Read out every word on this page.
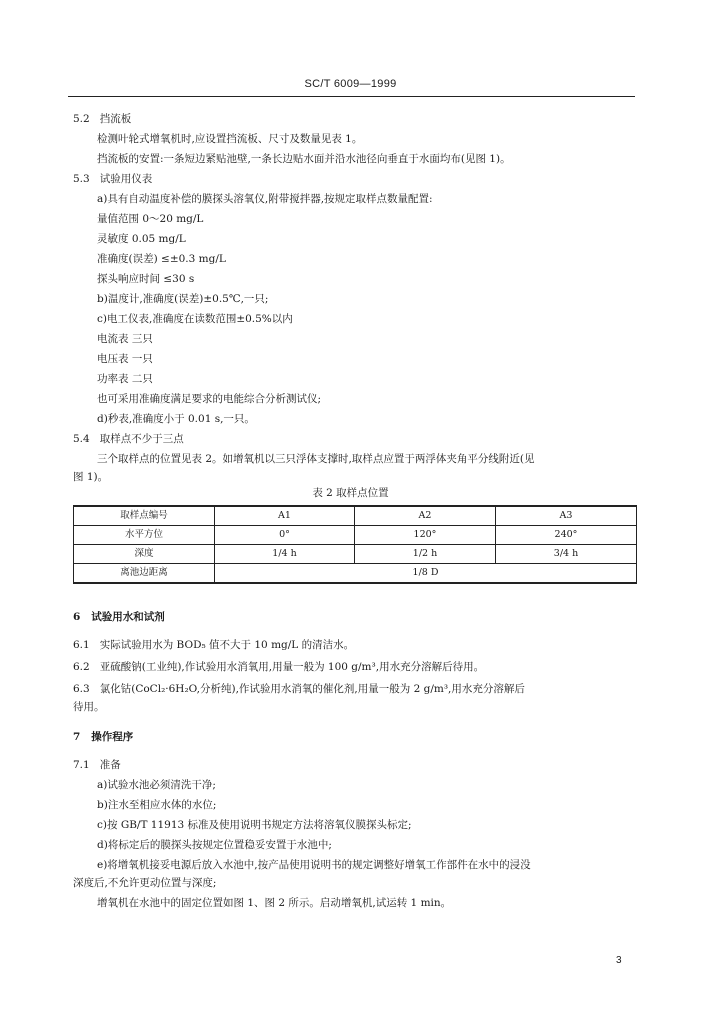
SC/T 6009—1999
5.2 挡流板
检测叶轮式增氧机时,应设置挡流板、尺寸及数量见表 1。
挡流板的安置:一条短边紧贴池壁,一条长边贴水面并沿水池径向垂直于水面均布(见图 1)。
5.3 试验用仪表
a)具有自动温度补偿的膜探头溶氧仪,附带搅拌器,按规定取样点数量配置:
量值范围 0～20 mg/L
灵敏度 0.05 mg/L
准确度(误差) ≤±0.3 mg/L
探头响应时间 ≤30 s
b)温度计,准确度(误差)±0.5℃,一只;
c)电工仪表,准确度在读数范围±0.5%以内
电流表 三只
电压表 一只
功率表 二只
也可采用准确度满足要求的电能综合分析测试仪;
d)秒表,准确度小于 0.01 s,一只。
5.4 取样点不少于三点
三个取样点的位置见表 2。如增氧机以三只浮体支撑时,取样点应置于两浮体夹角平分线附近(见
图 1)。
表 2 取样点位置
取样点编号	A1	A2	A3
水平方位	0°	120°	240°
深度	1/4 h	1/2 h	3/4 h
离池边距离	1/8 D		
6 试验用水和试剂
6.1 实际试验用水为 BOD₅ 值不大于 10 mg/L 的清洁水。
6.2 亚硫酸钠(工业纯),作试验用水消氧用,用量一般为 100 g/m³,用水充分溶解后待用。
6.3 氯化钴(CoCl₂·6H₂O,分析纯),作试验用水消氧的催化剂,用量一般为 2 g/m³,用水充分溶解后
待用。
7 操作程序
7.1 准备
a)试验水池必须清洗干净;
b)注水至相应水体的水位;
c)按 GB/T 11913 标准及使用说明书规定方法将溶氧仪膜探头标定;
d)将标定后的膜探头按规定位置稳妥安置于水池中;
e)将增氧机接妥电源后放入水池中,按产品使用说明书的规定调整好增氧工作部件在水中的浸没
深度后,不允许更动位置与深度;
增氧机在水池中的固定位置如图 1、图 2 所示。启动增氧机,试运转 1 min。
3
